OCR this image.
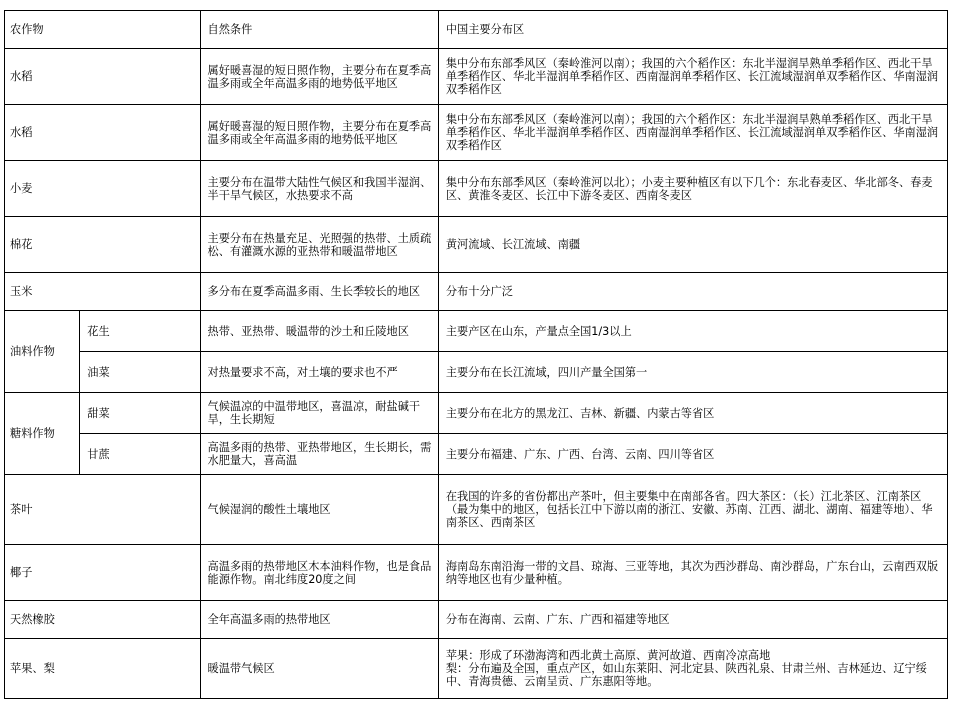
农作物		自然条件	中国主要分布区
水稻		属好暖喜湿的短日照作物，主要分布在夏季高温多雨或全年高温多雨的地势低平地区	集中分布东部季风区（秦岭淮河以南）；我国的六个稻作区：东北半湿润旱熟单季稻作区、西北干旱单季稻作区、华北半湿润单季稻作区、西南湿润单季稻作区、长江流域湿润单双季稻作区、华南湿润双季稻作区
水稻		属好暖喜湿的短日照作物，主要分布在夏季高温多雨或全年高温多雨的地势低平地区	集中分布东部季风区（秦岭淮河以南）；我国的六个稻作区：东北半湿润旱熟单季稻作区、西北干旱单季稻作区、华北半湿润单季稻作区、西南湿润单季稻作区、长江流域湿润单双季稻作区、华南湿润双季稻作区
小麦		主要分布在温带大陆性气候区和我国半湿润、半干旱气候区，水热要求不高	集中分布东部季风区（秦岭淮河以北）；小麦主要种植区有以下几个：东北春麦区、华北部冬、春麦区、黄淮冬麦区、长江中下游冬麦区、西南冬麦区
棉花		主要分布在热量充足、光照强的热带、土质疏松、有灌溉水源的亚热带和暖温带地区	黄河流域、长江流域、南疆
玉米		多分布在夏季高温多雨、生长季较长的地区	分布十分广泛
油料作物	花生	热带、亚热带、暖温带的沙土和丘陵地区	主要产区在山东，产量点全国1/3以上
	油菜	对热量要求不高，对土壤的要求也不严	主要分布在长江流域，四川产量全国第一
糖料作物	甜菜	气候温凉的中温带地区，喜温凉，耐盐碱干旱，生长期短	主要分布在北方的黑龙江、吉林、新疆、内蒙古等省区
	甘蔗	高温多雨的热带、亚热带地区，生长期长，需水肥量大，喜高温	主要分布福建、广东、广西、台湾、云南、四川等省区
茶叶		气候湿润的酸性土壤地区	在我国的许多的省份都出产茶叶，但主要集中在南部各省。四大茶区：（长）江北茶区、江南茶区（最为集中的地区，包括长江中下游以南的浙江、安徽、苏南、江西、湖北、湖南、福建等地）、华南茶区、西南茶区
椰子		高温多雨的热带地区木本油料作物，也是食品能源作物。南北纬度20度之间	海南岛东南沿海一带的文昌、琼海、三亚等地，其次为西沙群岛、南沙群岛，广东台山，云南西双版纳等地区也有少量种植。
天然橡胶		全年高温多雨的热带地区	分布在海南、云南、广东、广西和福建等地区
苹果、梨		暖温带气候区	苹果：形成了环渤海湾和西北黄土高原、黄河故道、西南冷凉高地
梨：分布遍及全国，重点产区，如山东莱阳、河北定县、陕西礼泉、甘肃兰州、吉林延边、辽宁绥中、青海贵德、云南呈贡、广东惠阳等地。
